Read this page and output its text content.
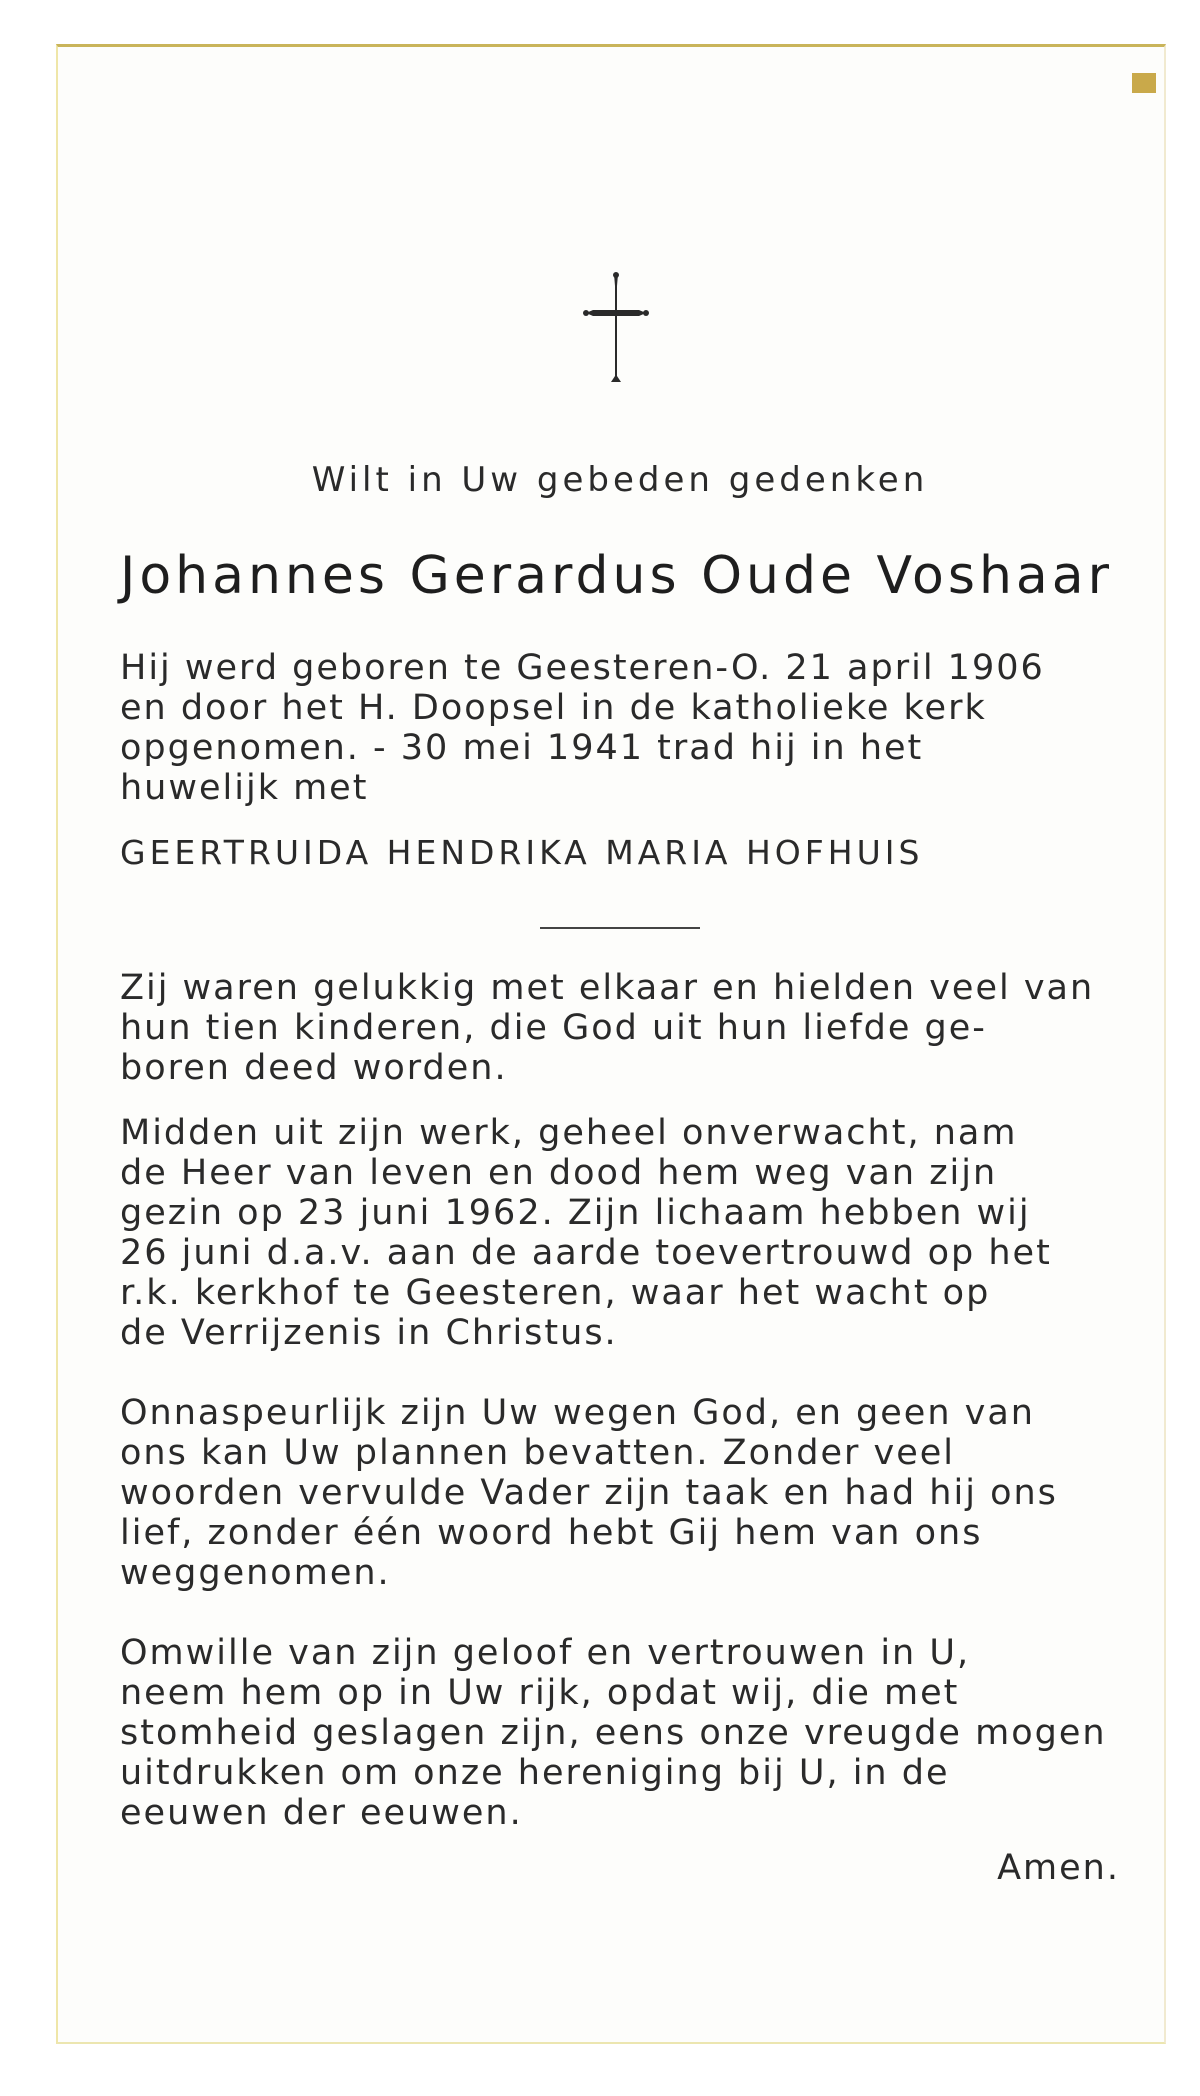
Wilt in Uw gebeden gedenken
Johannes Gerardus Oude Voshaar
Hij werd geboren te Geesteren-O. 21 april 1906
en door het H. Doopsel in de katholieke kerk
opgenomen. - 30 mei 1941 trad hij in het
huwelijk met
GEERTRUIDA HENDRIKA MARIA HOFHUIS
Zij waren gelukkig met elkaar en hielden veel van
hun tien kinderen, die God uit hun liefde ge-
boren deed worden.
Midden uit zijn werk, geheel onverwacht, nam
de Heer van leven en dood hem weg van zijn
gezin op 23 juni 1962. Zijn lichaam hebben wij
26 juni d.a.v. aan de aarde toevertrouwd op het
r.k. kerkhof te Geesteren, waar het wacht op
de Verrijzenis in Christus.
Onnaspeurlijk zijn Uw wegen God, en geen van
ons kan Uw plannen bevatten. Zonder veel
woorden vervulde Vader zijn taak en had hij ons
lief, zonder één woord hebt Gij hem van ons
weggenomen.
Omwille van zijn geloof en vertrouwen in U,
neem hem op in Uw rijk, opdat wij, die met
stomheid geslagen zijn, eens onze vreugde mogen
uitdrukken om onze hereniging bij U, in de
eeuwen der eeuwen.
Amen.
